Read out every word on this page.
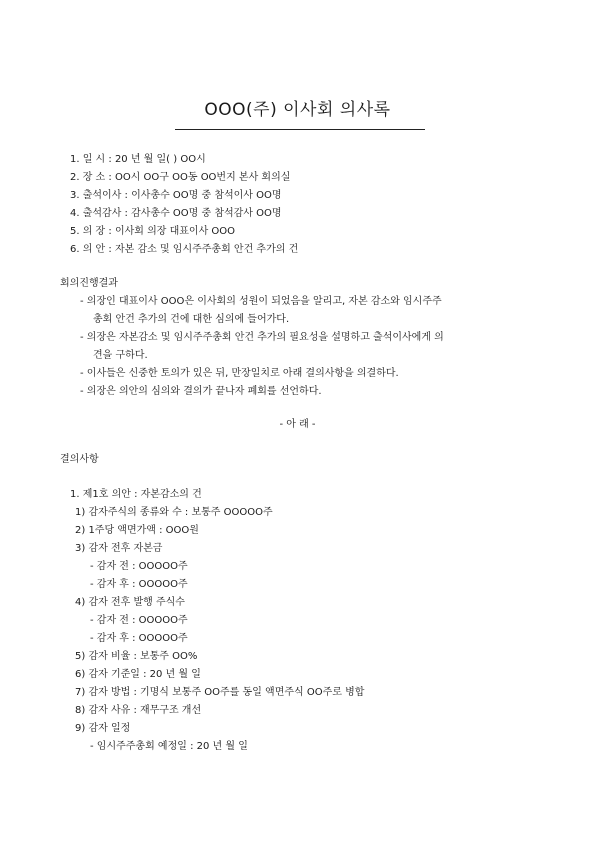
OOO(주) 이사회 의사록
1. 일 시 : 20 년 월 일( ) OO시
2. 장 소 : OO시 OO구 OO동 OO번지 본사 회의실
3. 출석이사 : 이사총수 OO명 중 참석이사 OO명
4. 출석감사 : 감사총수 OO명 중 참석감사 OO명
5. 의 장 : 이사회 의장 대표이사 OOO
6. 의 안 : 자본 감소 및 임시주주총회 안건 추가의 건
회의진행결과
- 의장인 대표이사 OOO은 이사회의 성원이 되었음을 알리고, 자본 감소와 임시주주
총회 안건 추가의 건에 대한 심의에 들어가다.
- 의장은 자본감소 및 임시주주총회 안건 추가의 필요성을 설명하고 출석이사에게 의
견을 구하다.
- 이사들은 신중한 토의가 있은 뒤, 만장일치로 아래 결의사항을 의결하다.
- 의장은 의안의 심의와 결의가 끝나자 폐회를 선언하다.
- 아 래 -
결의사항
1. 제1호 의안 : 자본감소의 건
1) 감자주식의 종류와 수 : 보통주 OOOOO주
2) 1주당 액면가액 : OOO원
3) 감자 전후 자본금
- 감자 전 : OOOOO주
- 감자 후 : OOOOO주
4) 감자 전후 발행 주식수
- 감자 전 : OOOOO주
- 감자 후 : OOOOO주
5) 감자 비율 : 보통주 OO%
6) 감자 기준일 : 20 년 월 일
7) 감자 방법 : 기명식 보통주 OO주를 동일 액면주식 OO주로 병합
8) 감자 사유 : 재무구조 개선
9) 감자 일정
- 임시주주총회 예정일 : 20 년 월 일
